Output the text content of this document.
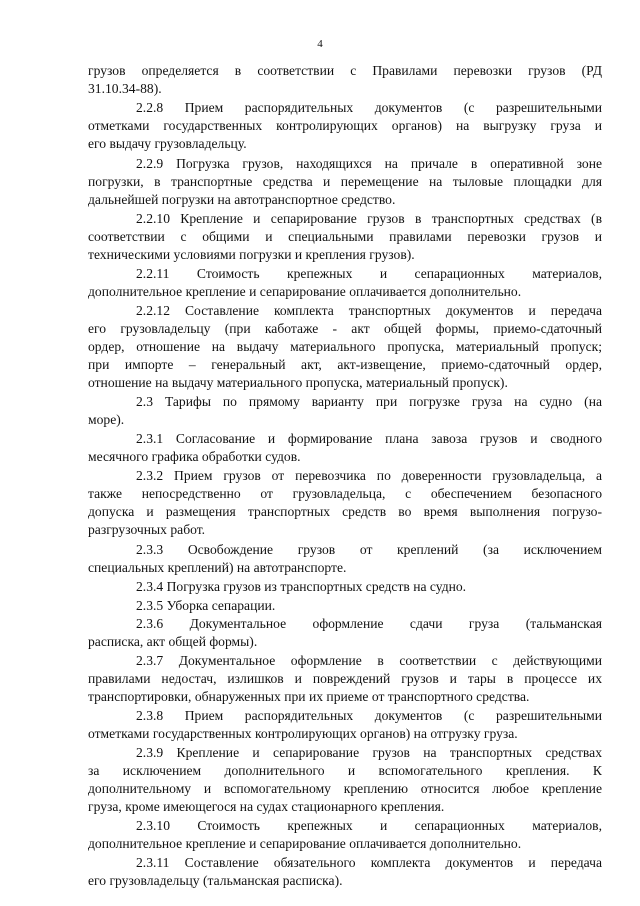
4
грузов определяется в соответствии с Правилами перевозки грузов (РД
31.10.34-88).
2.2.8 Прием распорядительных документов (с разрешительными
отметками государственных контролирующих органов) на выгрузку груза и
его выдачу грузовладельцу.
2.2.9 Погрузка грузов, находящихся на причале в оперативной зоне
погрузки, в транспортные средства и перемещение на тыловые площадки для
дальнейшей погрузки на автотранспортное средство.
2.2.10 Крепление и сепарирование грузов в транспортных средствах (в
соответствии с общими и специальными правилами перевозки грузов и
техническими условиями погрузки и крепления грузов).
2.2.11 Стоимость крепежных и сепарационных материалов,
дополнительное крепление и сепарирование оплачивается дополнительно.
2.2.12 Составление комплекта транспортных документов и передача
его грузовладельцу (при каботаже - акт общей формы, приемо-сдаточный
ордер, отношение на выдачу материального пропуска, материальный пропуск;
при импорте – генеральный акт, акт-извещение, приемо-сдаточный ордер,
отношение на выдачу материального пропуска, материальный пропуск).
2.3 Тарифы по прямому варианту при погрузке груза на судно (на
море).
2.3.1 Согласование и формирование плана завоза грузов и сводного
месячного графика обработки судов.
2.3.2 Прием грузов от перевозчика по доверенности грузовладельца, а
также непосредственно от грузовладельца, с обеспечением безопасного
допуска и размещения транспортных средств во время выполнения погрузо-
разгрузочных работ.
2.3.3 Освобождение грузов от креплений (за исключением
специальных креплений) на автотранспорте.
2.3.4 Погрузка грузов из транспортных средств на судно.
2.3.5 Уборка сепарации.
2.3.6 Документальное оформление сдачи груза (тальманская
расписка, акт общей формы).
2.3.7 Документальное оформление в соответствии с действующими
правилами недостач, излишков и повреждений грузов и тары в процессе их
транспортировки, обнаруженных при их приеме от транспортного средства.
2.3.8 Прием распорядительных документов (с разрешительными
отметками государственных контролирующих органов) на отгрузку груза.
2.3.9 Крепление и сепарирование грузов на транспортных средствах
за исключением дополнительного и вспомогательного крепления. К
дополнительному и вспомогательному креплению относится любое крепление
груза, кроме имеющегося на судах стационарного крепления.
2.3.10 Стоимость крепежных и сепарационных материалов,
дополнительное крепление и сепарирование оплачивается дополнительно.
2.3.11 Составление обязательного комплекта документов и передача
его грузовладельцу (тальманская расписка).
